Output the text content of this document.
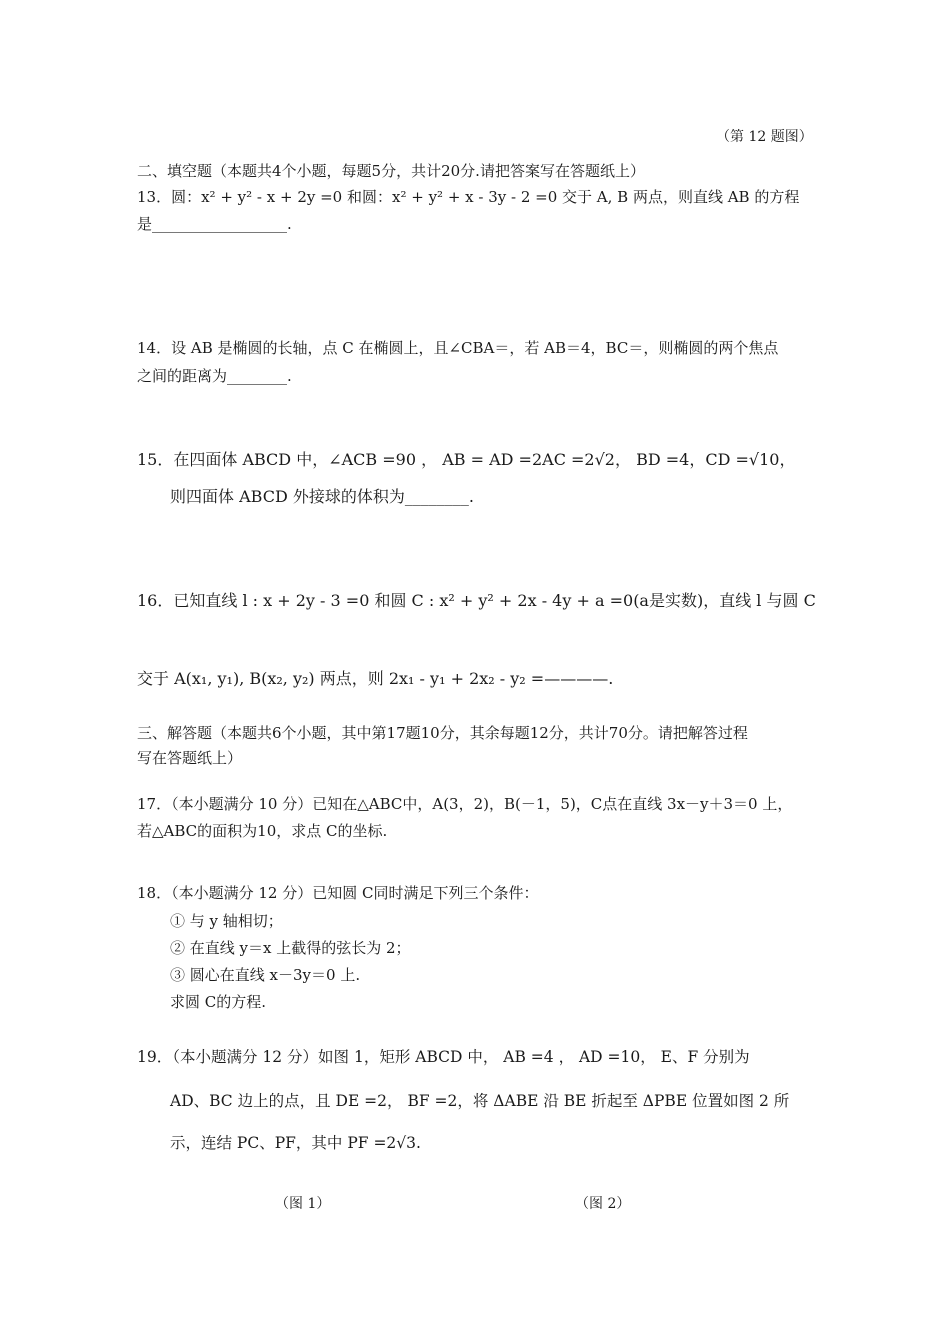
（第 12 题图）
二、填空题（本题共4个小题，每题5分，共计20分.请把答案写在答题纸上）
13．圆：x² + y² - x + 2y =0 和圆：x² + y² + x - 3y - 2 =0 交于 A, B 两点，则直线 AB 的方程
是__________________.
14．设 AB 是椭圆的长轴，点 C 在椭圆上，且∠CBA＝，若 AB＝4，BC＝，则椭圆的两个焦点
之间的距离为________.
15．在四面体 ABCD 中，∠ACB =90 ， AB = AD =2AC =2√2， BD =4，CD =√10，
则四面体 ABCD 外接球的体积为________.
16．已知直线 l : x + 2y - 3 =0 和圆 C : x² + y² + 2x - 4y + a =0(a是实数)，直线 l 与圆 C
交于 A(x₁, y₁), B(x₂, y₂) 两点，则 2x₁ - y₁ + 2x₂ - y₂ =————.
三、解答题（本题共6个小题，其中第17题10分，其余每题12分，共计70分。请把解答过程
写在答题纸上）
17．（本小题满分 10 分）已知在△ABC中，A(3，2)，B(－1，5)，C点在直线 3x－y＋3＝0 上，
若△ABC的面积为10，求点 C的坐标.
18．（本小题满分 12 分）已知圆 C同时满足下列三个条件：
① 与 y 轴相切；
② 在直线 y＝x 上截得的弦长为 2；
③ 圆心在直线 x－3y＝0 上.
求圆 C的方程.
19．（本小题满分 12 分）如图 1，矩形 ABCD 中， AB =4 ， AD =10， E、F 分别为
AD、BC 边上的点，且 DE =2， BF =2，将 ΔABE 沿 BE 折起至 ΔPBE 位置如图 2 所
示，连结 PC、PF，其中 PF =2√3.
（图 1）	（图 2）
